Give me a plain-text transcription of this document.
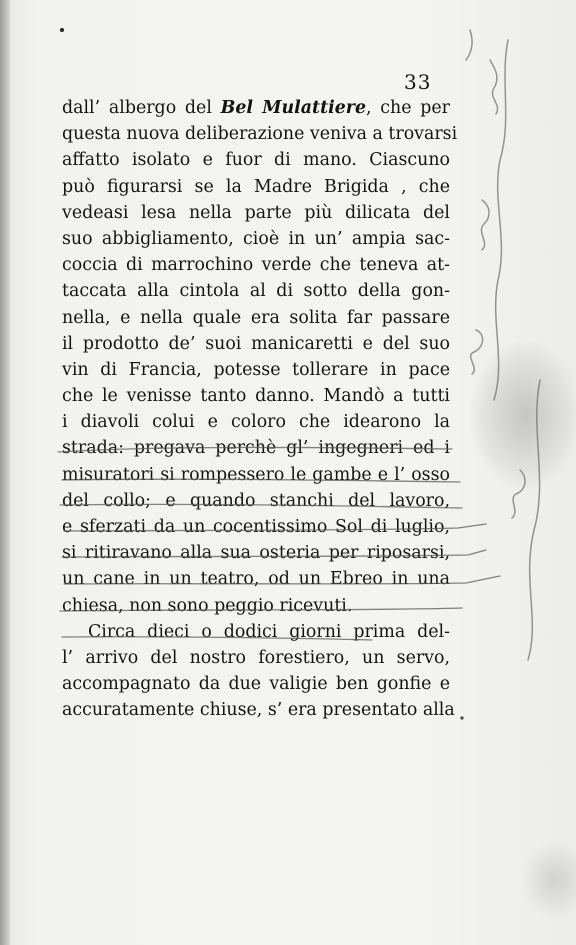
33
dall’ albergo del Bel Mulattiere, che per
questa nuova deliberazione veniva a trovarsi
affatto isolato e fuor di mano. Ciascuno
può figurarsi se la Madre Brigida , che
vedeasi lesa nella parte più dilicata del
suo abbigliamento, cioè in un’ ampia sac-
coccia di marrochino verde che teneva at-
taccata alla cintola al di sotto della gon-
nella, e nella quale era solita far passare
il prodotto de’ suoi manicaretti e del suo
vin di Francia, potesse tollerare in pace
che le venisse tanto danno. Mandò a tutti
i diavoli colui e coloro che idearono la
strada: pregava perchè gl’ ingegneri ed i
misuratori si rompessero le gambe e l’ osso
del collo; e quando stanchi del lavoro,
e sferzati da un cocentissimo Sol di luglio,
si ritiravano alla sua osteria per riposarsi,
un cane in un teatro, od un Ebreo in una
chiesa, non sono peggio ricevuti.
Circa dieci o dodici giorni prima del-
l’ arrivo del nostro forestiero, un servo,
accompagnato da due valigie ben gonfie e
accuratamente chiuse, s’ era presentato alla
